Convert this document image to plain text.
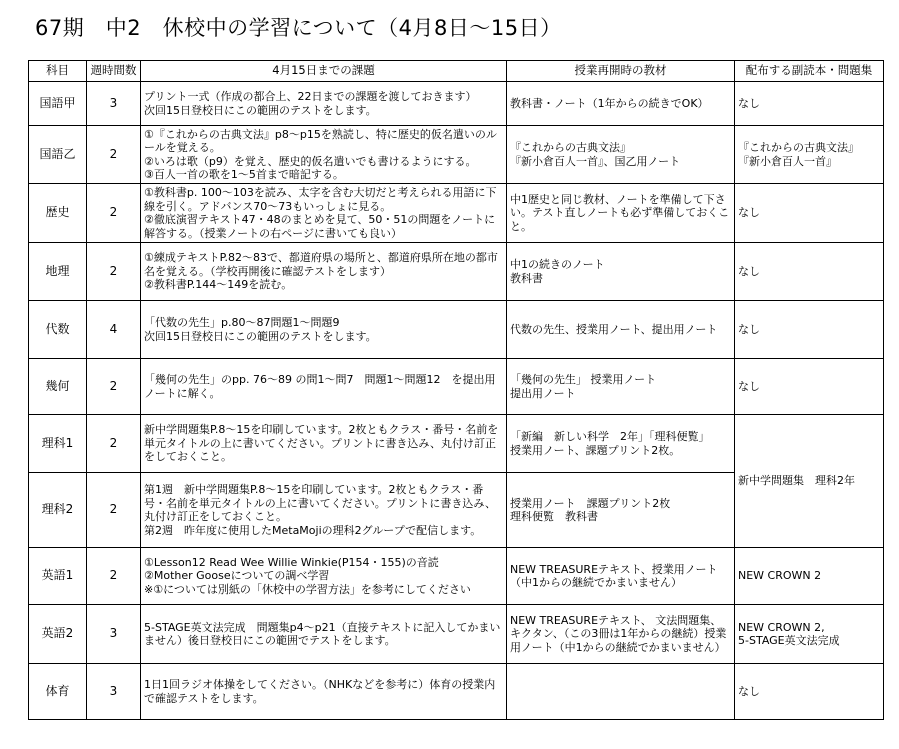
67期　中2　休校中の学習について（4月8日～15日）
科目	週時間数	4月15日までの課題	授業再開時の教材	配布する副読本・問題集
国語甲	3	プリント一式（作成の都合上、22日までの課題を渡しておきます）
次回15日登校日にこの範囲のテストをします。	教科書・ノート（1年からの続きでOK）	なし

国語乙	2	①『これからの古典文法』p8～p15を熟読し、特に歴史的仮名遣いのルールを覚える。
②いろは歌（p9）を覚え、歴史的仮名遣いでも書けるようにする。
③百人一首の歌を1～5首まで暗記する。	『これからの古典文法』
『新小倉百人一首』、国乙用ノート	『これからの古典文法』
『新小倉百人一首』

歴史	2	①教科書p. 100～103を読み、太字を含む大切だと考えられる用語に下線を引く。アドバンス70～73もいっしょに見る。
②徹底演習テキスト47・48のまとめを見て、50・51の問題をノートに解答する。（授業ノートの右ページに書いても良い）	中1歴史と同じ教材、ノートを準備して下さい。テスト直しノートも必ず準備しておくこと。	なし

地理	2	①練成テキストP.82～83で、都道府県の場所と、都道府県所在地の都市名を覚える。（学校再開後に確認テストをします）
②教科書P.144～149を読む。	中1の続きのノート
教科書	なし

代数	4	「代数の先生」p.80～87問題1～問題9
次回15日登校日にこの範囲のテストをします。	代数の先生、授業用ノート、提出用ノート	なし

幾何	2	「幾何の先生」のpp. 76～89 の問1～問7　問題1～問題12　を提出用ノートに解く。	「幾何の先生」 授業用ノート
提出用ノート	なし

理科1	2	新中学問題集P.8～15を印刷しています。2枚ともクラス・番号・名前を単元タイトルの上に書いてください。プリントに書き込み、丸付け訂正をしておくこと。	「新編　新しい科学　2年」「理科便覧」
授業用ノート、課題プリント2枚。	新中学問題集　理科2年

理科2	2	第1週　新中学問題集P.8～15を印刷しています。2枚ともクラス・番号・名前を単元タイトルの上に書いてください。プリントに書き込み、丸付け訂正をしておくこと。
第2週　昨年度に使用したMetaMojiの理科2グループで配信します。	授業用ノート　課題プリント2枚
理科便覧　教科書	

英語1	2	①Lesson12 Read Wee Willie Winkie(P154・155)の音読
②Mother Gooseについての調べ学習
※①については別紙の「休校中の学習方法」を参考にしてください	NEW TREASUREテキスト、授業用ノート
（中1からの継続でかまいません）	NEW CROWN 2

英語2	3	5-STAGE英文法完成　問題集p4～p21（直接テキストに記入してかまいません）後日登校日にこの範囲でテストをします。	NEW TREASUREテキスト、 文法問題集、キクタン、（この3冊は1年からの継続）授業用ノート（中1からの継続でかまいません）	NEW CROWN 2,
5-STAGE英文法完成

体育	3	1日1回ラジオ体操をしてください。（NHKなどを参考に）体育の授業内で確認テストをします。		なし
